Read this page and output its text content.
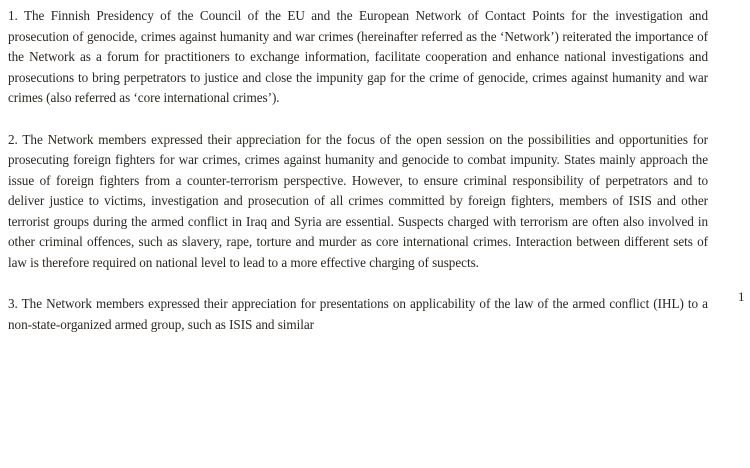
1. The Finnish Presidency of the Council of the EU and the European Network of Contact Points for the investigation and prosecution of genocide, crimes against humanity and war crimes (hereinafter referred as the ‘Network’) reiterated the importance of the Network as a forum for practitioners to exchange information, facilitate cooperation and enhance national investigations and prosecutions to bring perpetrators to justice and close the impunity gap for the crime of genocide, crimes against humanity and war crimes (also referred as ‘core international crimes’).

2. The Network members expressed their appreciation for the focus of the open session on the possibilities and opportunities for prosecuting foreign fighters for war crimes, crimes against humanity and genocide to combat impunity. States mainly approach the issue of foreign fighters from a counter-terrorism perspective. However, to ensure criminal responsibility of perpetrators and to deliver justice to victims, investigation and prosecution of all crimes committed by foreign fighters, members of ISIS and other terrorist groups during the armed conflict in Iraq and Syria are essential. Suspects charged with terrorism are often also involved in other criminal offences, such as slavery, rape, torture and murder as core international crimes. Interaction between different sets of law is therefore required on national level to lead to a more effective charging of suspects.

3. The Network members expressed their appreciation for presentations on applicability of the law of the armed conflict (IHL) to a non-state-organized armed group, such as ISIS and similar

1
